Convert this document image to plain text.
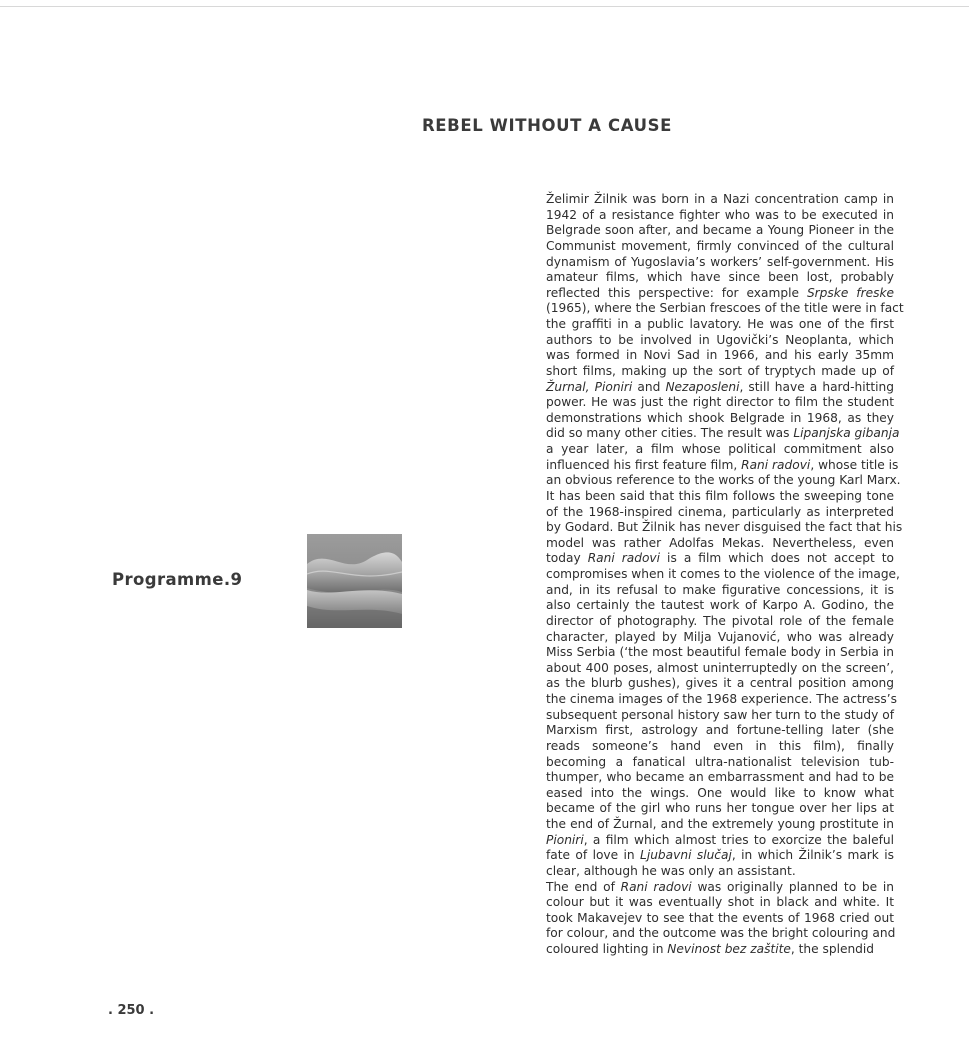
REBEL WITHOUT A CAUSE
Programme.9
Želimir Žilnik was born in a Nazi concentration camp in
1942 of a resistance fighter who was to be executed in
Belgrade soon after, and became a Young Pioneer in the
Communist movement, firmly convinced of the cultural
dynamism of Yugoslavia’s workers’ self-government. His
amateur films, which have since been lost, probably
reflected this perspective: for example Srpske freske
(1965), where the Serbian frescoes of the title were in fact
the graffiti in a public lavatory. He was one of the first
authors to be involved in Ugovički’s Neoplanta, which
was formed in Novi Sad in 1966, and his early 35mm
short films, making up the sort of tryptych made up of
Žurnal, Pioniri and Nezaposleni, still have a hard-hitting
power. He was just the right director to film the student
demonstrations which shook Belgrade in 1968, as they
did so many other cities. The result was Lipanjska gibanja
a year later, a film whose political commitment also
influenced his first feature film, Rani radovi, whose title is
an obvious reference to the works of the young Karl Marx.
It has been said that this film follows the sweeping tone
of the 1968-inspired cinema, particularly as interpreted
by Godard. But Žilnik has never disguised the fact that his
model was rather Adolfas Mekas. Nevertheless, even
today Rani radovi is a film which does not accept to
compromises when it comes to the violence of the image,
and, in its refusal to make figurative concessions, it is
also certainly the tautest work of Karpo A. Godino, the
director of photography. The pivotal role of the female
character, played by Milja Vujanović, who was already
Miss Serbia (‘the most beautiful female body in Serbia in
about 400 poses, almost uninterruptedly on the screen’,
as the blurb gushes), gives it a central position among
the cinema images of the 1968 experience. The actress’s
subsequent personal history saw her turn to the study of
Marxism first, astrology and fortune-telling later (she
reads someone’s hand even in this film), finally
becoming a fanatical ultra-nationalist television tub-
thumper, who became an embarrassment and had to be
eased into the wings. One would like to know what
became of the girl who runs her tongue over her lips at
the end of Žurnal, and the extremely young prostitute in
Pioniri, a film which almost tries to exorcize the baleful
fate of love in Ljubavni slučaj, in which Žilnik’s mark is
clear, although he was only an assistant.
The end of Rani radovi was originally planned to be in
colour but it was eventually shot in black and white. It
took Makavejev to see that the events of 1968 cried out
for colour, and the outcome was the bright colouring and
coloured lighting in Nevinost bez zaštite, the splendid
. 250 .
